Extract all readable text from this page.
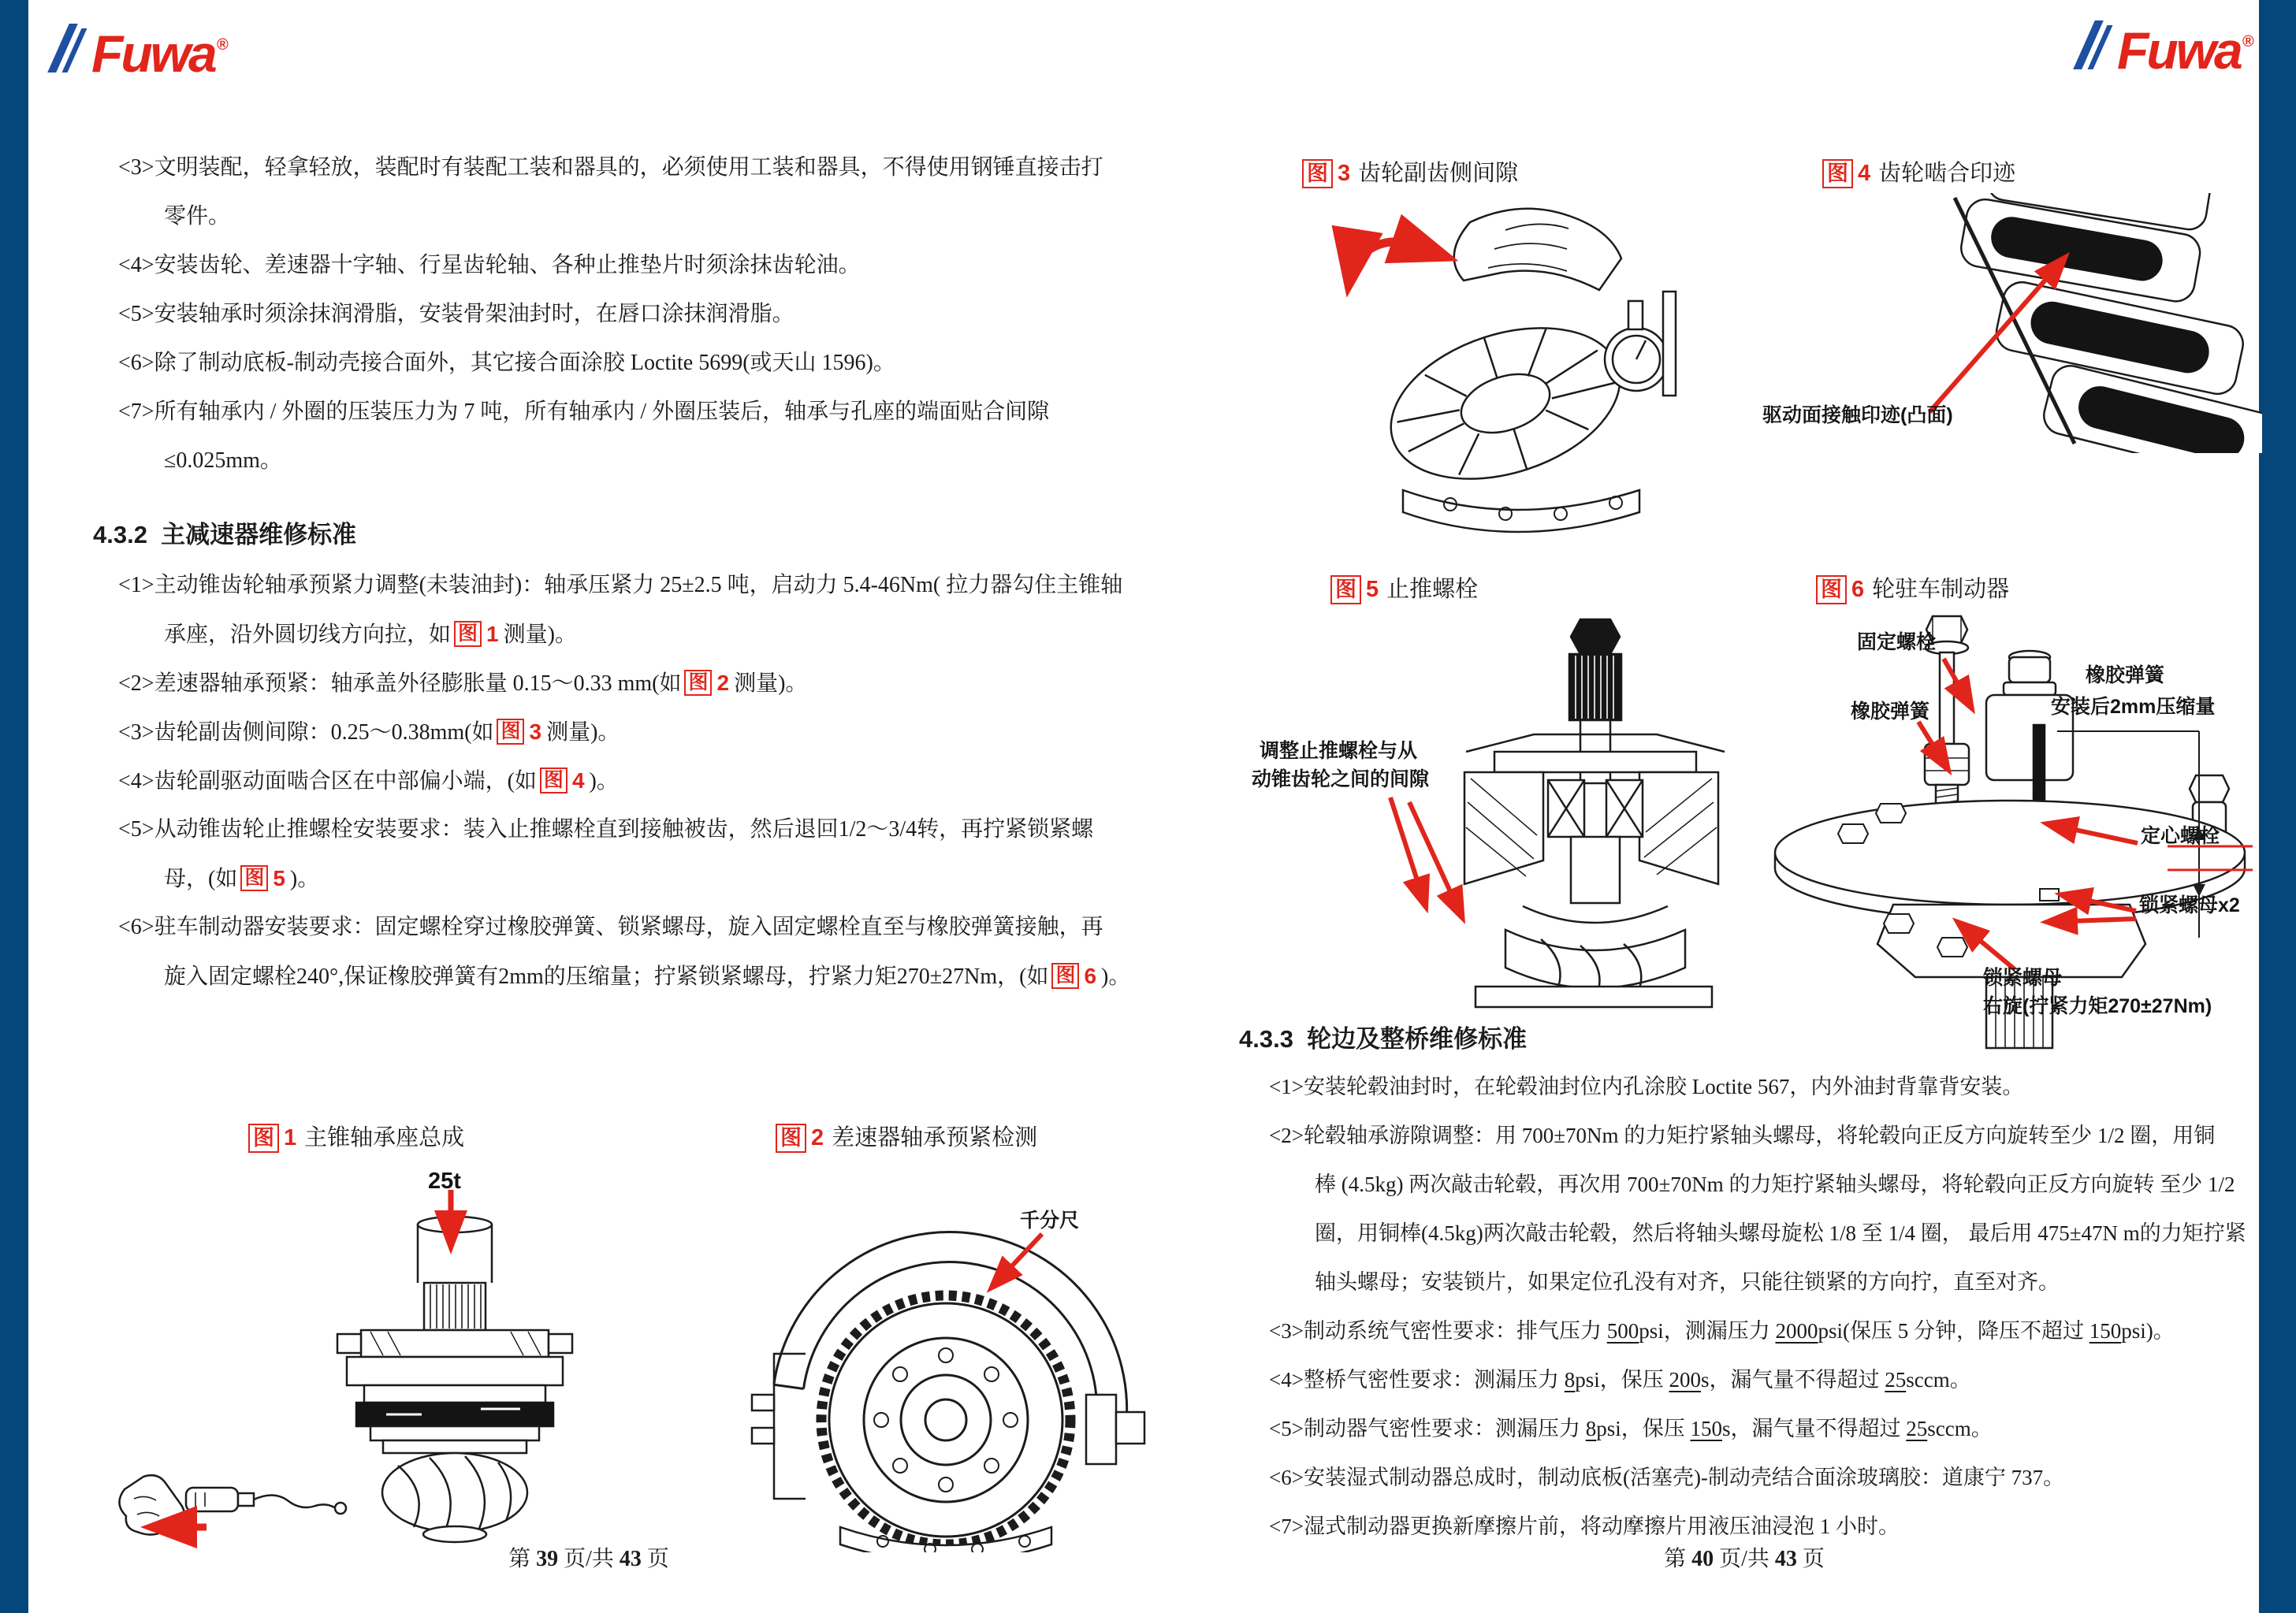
Fuwa ®	Fuwa ®
<3>文明装配，轻拿轻放，装配时有装配工装和器具的，必须使用工装和器具，不得使用钢锤直接击打
零件。
<4>安装齿轮、差速器十字轴、行星齿轮轴、各种止推垫片时须涂抹齿轮油。
<5>安装轴承时须涂抹润滑脂，安装骨架油封时，在唇口涂抹润滑脂。
<6>除了制动底板-制动壳接合面外，其它接合面涂胶 Loctite 5699(或天山 1596)。
<7>所有轴承内 / 外圈的压装压力为 7 吨，所有轴承内 / 外圈压装后，轴承与孔座的端面贴合间隙
≤0.025mm。
4.3.2  主减速器维修标准
<1>主动锥齿轮轴承预紧力调整(未装油封)：轴承压紧力 25±2.5 吨，启动力 5.4-46Nm( 拉力器勾住主锥轴
承座，沿外圆切线方向拉，如 图 1 测量)。
<2>差速器轴承预紧：轴承盖外径膨胀量 0.15～0.33 mm(如 图 2 测量)。
<3>齿轮副齿侧间隙：0.25～0.38mm(如 图 3 测量)。
<4>齿轮副驱动面啮合区在中部偏小端，(如 图 4 )。
<5>从动锥齿轮止推螺栓安装要求：装入止推螺栓直到接触被齿，然后退回1/2～3/4转，再拧紧锁紧螺
母，(如 图 5 )。
<6>驻车制动器安装要求：固定螺栓穿过橡胶弹簧、锁紧螺母，旋入固定螺栓直至与橡胶弹簧接触，再
旋入固定螺栓240°,保证橡胶弹簧有2mm的压缩量；拧紧锁紧螺母，拧紧力矩270±27Nm，(如 图 6 )。
第 39 页/共 43 页
4.3.3  轮边及整桥维修标准
<1>安装轮毂油封时，在轮毂油封位内孔涂胶 Loctite 567，内外油封背靠背安装。
<2>轮毂轴承游隙调整：用 700±70Nm 的力矩拧紧轴头螺母，将轮毂向正反方向旋转至少 1/2 圈，用铜
棒 (4.5kg) 两次敲击轮毂，再次用 700±70Nm 的力矩拧紧轴头螺母，将轮毂向正反方向旋转 至少 1/2
圈，用铜棒(4.5kg)两次敲击轮毂，然后将轴头螺母旋松 1/8 至 1/4 圈， 最后用 475±47N m的力矩拧紧
轴头螺母；安装锁片，如果定位孔没有对齐，只能往锁紧的方向拧，直至对齐。
<3>制动系统气密性要求：排气压力 500psi，测漏压力 2000psi(保压 5 分钟，降压不超过 150psi)。
<4>整桥气密性要求：测漏压力 8psi，保压 200s，漏气量不得超过 25sccm。
<5>制动器气密性要求：测漏压力 8psi，保压 150s，漏气量不得超过 25sccm。
<6>安装湿式制动器总成时，制动底板(活塞壳)-制动壳结合面涂玻璃胶：道康宁 737。
<7>湿式制动器更换新摩擦片前，将动摩擦片用液压油浸泡 1 小时。
第 40 页/共 43 页
图 1 主锥轴承座总成	图 2 差速器轴承预紧检测
图 3 齿轮副齿侧间隙	图 4 齿轮啮合印迹
图 5 止推螺栓	图 6 轮驻车制动器
25t
千分尺
驱动面接触印迹(凸面)
调整止推螺栓与从
动锥齿轮之间的间隙
固定螺栓
橡胶弹簧
橡胶弹簧
安装后2mm压缩量
定心螺栓
锁紧螺母x2
锁紧螺母
右旋(拧紧力矩270±27Nm)
